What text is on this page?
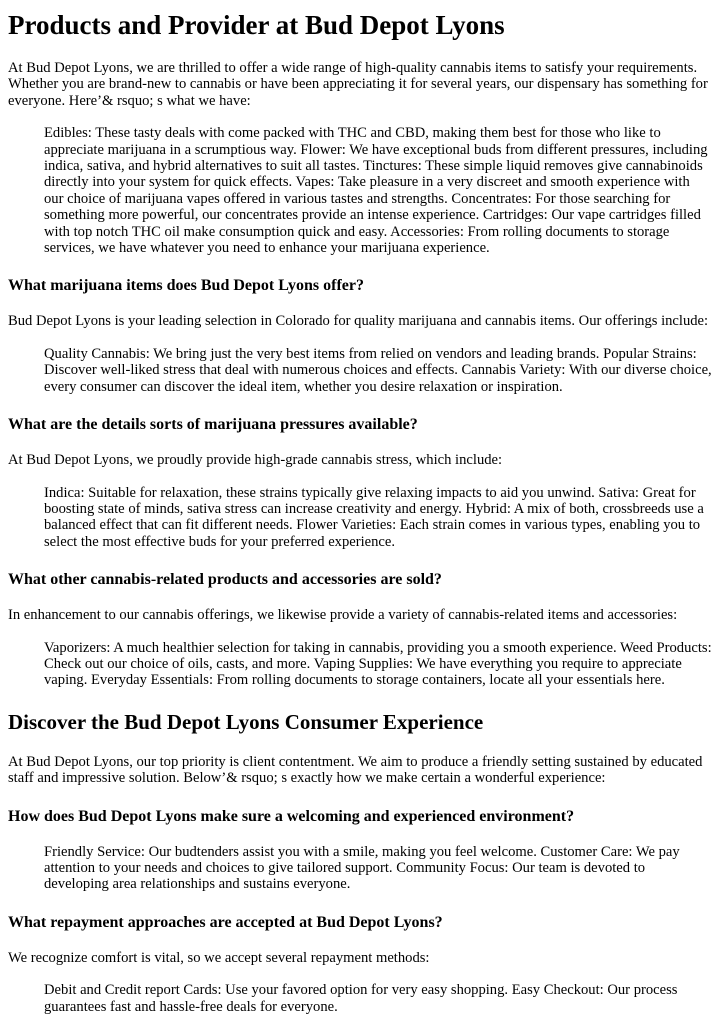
Products and Provider at Bud Depot Lyons

At Bud Depot Lyons, we are thrilled to offer a wide range of high-quality cannabis items to satisfy your requirements. Whether you are brand-new to cannabis or have been appreciating it for several years, our dispensary has something for everyone. Here’& rsquo; s what we have:

Edibles: These tasty deals with come packed with THC and CBD, making them best for those who like to appreciate marijuana in a scrumptious way. Flower: We have exceptional buds from different pressures, including indica, sativa, and hybrid alternatives to suit all tastes. Tinctures: These simple liquid removes give cannabinoids directly into your system for quick effects. Vapes: Take pleasure in a very discreet and smooth experience with our choice of marijuana vapes offered in various tastes and strengths. Concentrates: For those searching for something more powerful, our concentrates provide an intense experience. Cartridges: Our vape cartridges filled with top notch THC oil make consumption quick and easy. Accessories: From rolling documents to storage services, we have whatever you need to enhance your marijuana experience.
What marijuana items does Bud Depot Lyons offer?

Bud Depot Lyons is your leading selection in Colorado for quality marijuana and cannabis items. Our offerings include:

Quality Cannabis: We bring just the very best items from relied on vendors and leading brands. Popular Strains: Discover well-liked stress that deal with numerous choices and effects. Cannabis Variety: With our diverse choice, every consumer can discover the ideal item, whether you desire relaxation or inspiration.
What are the details sorts of marijuana pressures available?

At Bud Depot Lyons, we proudly provide high-grade cannabis stress, which include:

Indica: Suitable for relaxation, these strains typically give relaxing impacts to aid you unwind. Sativa: Great for boosting state of minds, sativa stress can increase creativity and energy. Hybrid: A mix of both, crossbreeds use a balanced effect that can fit different needs. Flower Varieties: Each strain comes in various types, enabling you to select the most effective buds for your preferred experience.
What other cannabis-related products and accessories are sold?

In enhancement to our cannabis offerings, we likewise provide a variety of cannabis-related items and accessories:

Vaporizers: A much healthier selection for taking in cannabis, providing you a smooth experience. Weed Products: Check out our choice of oils, casts, and more. Vaping Supplies: We have everything you require to appreciate vaping. Everyday Essentials: From rolling documents to storage containers, locate all your essentials here.
Discover the Bud Depot Lyons Consumer Experience

At Bud Depot Lyons, our top priority is client contentment. We aim to produce a friendly setting sustained by educated staff and impressive solution. Below’& rsquo; s exactly how we make certain a wonderful experience:

How does Bud Depot Lyons make sure a welcoming and experienced environment?
Friendly Service: Our budtenders assist you with a smile, making you feel welcome. Customer Care: We pay attention to your needs and choices to give tailored support. Community Focus: Our team is devoted to developing area relationships and sustains everyone.
What repayment approaches are accepted at Bud Depot Lyons?

We recognize comfort is vital, so we accept several repayment methods:

Debit and Credit report Cards: Use your favored option for very easy shopping. Easy Checkout: Our process guarantees fast and hassle-free deals for everyone.
